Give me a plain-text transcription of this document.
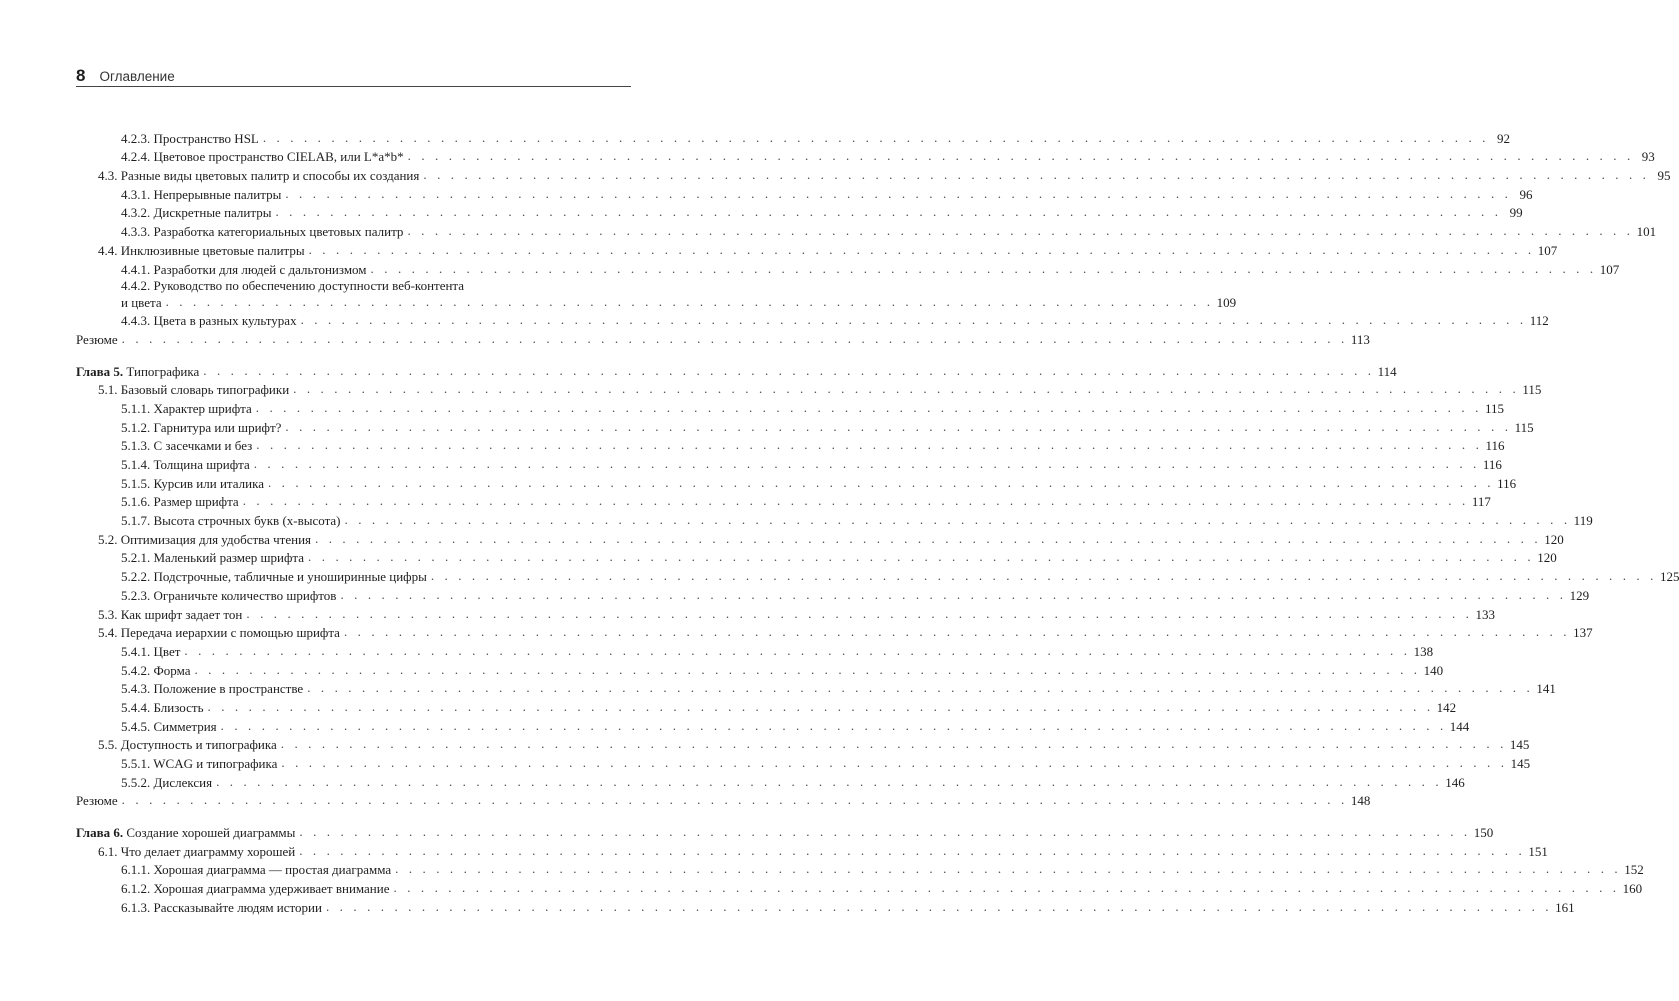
8 Оглавление
4.2.3. Пространство HSL . . . . . . . . . . . . . . . . . . . . . . . . . . . . . . . . . . . . . . . . . . . . . . . . . . . . . . . . . . . . . . . . . . . . . . . . . . . . . . . . . . . . . . . . . . 92
4.2.4. Цветовое пространство CIELAB, или L*a*b* . . . . . . . . . . . . . . . . . . . . . . . . . . . . . . . . . . . . . . . . . . . . . . . . . . . . . . . . . . . . . . . . . . . . . . . . . . . . . . . . . . . . . . . . . . 93
4.3. Разные виды цветовых палитр и способы их создания . . . . . . . . . . . . . . . . . . . . . . . . . . . . . . . . . . . . . . . . . . . . . . . . . . . . . . . . . . . . . . . . . . . . . . . . . . . . . . . . . . . . . . . . . . 95
4.3.1. Непрерывные палитры . . . . . . . . . . . . . . . . . . . . . . . . . . . . . . . . . . . . . . . . . . . . . . . . . . . . . . . . . . . . . . . . . . . . . . . . . . . . . . . . . . . . . . . . . . 96
4.3.2. Дискретные палитры . . . . . . . . . . . . . . . . . . . . . . . . . . . . . . . . . . . . . . . . . . . . . . . . . . . . . . . . . . . . . . . . . . . . . . . . . . . . . . . . . . . . . . . . . . 99
4.3.3. Разработка категориальных цветовых палитр . . . . . . . . . . . . . . . . . . . . . . . . . . . . . . . . . . . . . . . . . . . . . . . . . . . . . . . . . . . . . . . . . . . . . . . . . . . . . . . . . . . . . . . . . . 101
4.4. Инклюзивные цветовые палитры . . . . . . . . . . . . . . . . . . . . . . . . . . . . . . . . . . . . . . . . . . . . . . . . . . . . . . . . . . . . . . . . . . . . . . . . . . . . . . . . . . . . . . . . . . 107
4.4.1. Разработки для людей с дальтонизмом . . . . . . . . . . . . . . . . . . . . . . . . . . . . . . . . . . . . . . . . . . . . . . . . . . . . . . . . . . . . . . . . . . . . . . . . . . . . . . . . . . . . . . . . . . 107
4.4.2. Руководство по обеспечению доступности веб-контента
и цвета . . . . . . . . . . . . . . . . . . . . . . . . . . . . . . . . . . . . . . . . . . . . . . . . . . . . . . . . . . . . . . . . . . . . . . . . . . . . . 109
4.4.3. Цвета в разных культурах . . . . . . . . . . . . . . . . . . . . . . . . . . . . . . . . . . . . . . . . . . . . . . . . . . . . . . . . . . . . . . . . . . . . . . . . . . . . . . . . . . . . . . . . . . 112
Резюме . . . . . . . . . . . . . . . . . . . . . . . . . . . . . . . . . . . . . . . . . . . . . . . . . . . . . . . . . . . . . . . . . . . . . . . . . . . . . . . . . . . . . . . . . . 113
Глава 5. Типографика . . . . . . . . . . . . . . . . . . . . . . . . . . . . . . . . . . . . . . . . . . . . . . . . . . . . . . . . . . . . . . . . . . . . . . . . . . . . . . . . . . . . . . 114
5.1. Базовый словарь типографики . . . . . . . . . . . . . . . . . . . . . . . . . . . . . . . . . . . . . . . . . . . . . . . . . . . . . . . . . . . . . . . . . . . . . . . . . . . . . . . . . . . . . . . . . . 115
5.1.1. Характер шрифта . . . . . . . . . . . . . . . . . . . . . . . . . . . . . . . . . . . . . . . . . . . . . . . . . . . . . . . . . . . . . . . . . . . . . . . . . . . . . . . . . . . . . . . . . . 115
5.1.2. Гарнитура или шрифт? . . . . . . . . . . . . . . . . . . . . . . . . . . . . . . . . . . . . . . . . . . . . . . . . . . . . . . . . . . . . . . . . . . . . . . . . . . . . . . . . . . . . . . . . . . 115
5.1.3. С засечками и без . . . . . . . . . . . . . . . . . . . . . . . . . . . . . . . . . . . . . . . . . . . . . . . . . . . . . . . . . . . . . . . . . . . . . . . . . . . . . . . . . . . . . . . . . . 116
5.1.4. Толщина шрифта . . . . . . . . . . . . . . . . . . . . . . . . . . . . . . . . . . . . . . . . . . . . . . . . . . . . . . . . . . . . . . . . . . . . . . . . . . . . . . . . . . . . . . . . . . 116
5.1.5. Курсив или италика . . . . . . . . . . . . . . . . . . . . . . . . . . . . . . . . . . . . . . . . . . . . . . . . . . . . . . . . . . . . . . . . . . . . . . . . . . . . . . . . . . . . . . . . . . 116
5.1.6. Размер шрифта . . . . . . . . . . . . . . . . . . . . . . . . . . . . . . . . . . . . . . . . . . . . . . . . . . . . . . . . . . . . . . . . . . . . . . . . . . . . . . . . . . . . . . . . . . 117
5.1.7. Высота строчных букв (x-высота) . . . . . . . . . . . . . . . . . . . . . . . . . . . . . . . . . . . . . . . . . . . . . . . . . . . . . . . . . . . . . . . . . . . . . . . . . . . . . . . . . . . . . . . . . . 119
5.2. Оптимизация для удобства чтения . . . . . . . . . . . . . . . . . . . . . . . . . . . . . . . . . . . . . . . . . . . . . . . . . . . . . . . . . . . . . . . . . . . . . . . . . . . . . . . . . . . . . . . . . . 120
5.2.1. Маленький размер шрифта . . . . . . . . . . . . . . . . . . . . . . . . . . . . . . . . . . . . . . . . . . . . . . . . . . . . . . . . . . . . . . . . . . . . . . . . . . . . . . . . . . . . . . . . . . 120
5.2.2. Подстрочные, табличные и уноширинные цифры . . . . . . . . . . . . . . . . . . . . . . . . . . . . . . . . . . . . . . . . . . . . . . . . . . . . . . . . . . . . . . . . . . . . . . . . . . . . . . . . . . . . . . . . . . 125
5.2.3. Ограничьте количество шрифтов . . . . . . . . . . . . . . . . . . . . . . . . . . . . . . . . . . . . . . . . . . . . . . . . . . . . . . . . . . . . . . . . . . . . . . . . . . . . . . . . . . . . . . . . . . 129
5.3. Как шрифт задает тон . . . . . . . . . . . . . . . . . . . . . . . . . . . . . . . . . . . . . . . . . . . . . . . . . . . . . . . . . . . . . . . . . . . . . . . . . . . . . . . . . . . . . . . . . . 133
5.4. Передача иерархии с помощью шрифта . . . . . . . . . . . . . . . . . . . . . . . . . . . . . . . . . . . . . . . . . . . . . . . . . . . . . . . . . . . . . . . . . . . . . . . . . . . . . . . . . . . . . . . . . . 137
5.4.1. Цвет . . . . . . . . . . . . . . . . . . . . . . . . . . . . . . . . . . . . . . . . . . . . . . . . . . . . . . . . . . . . . . . . . . . . . . . . . . . . . . . . . . . . . . . . . . 138
5.4.2. Форма . . . . . . . . . . . . . . . . . . . . . . . . . . . . . . . . . . . . . . . . . . . . . . . . . . . . . . . . . . . . . . . . . . . . . . . . . . . . . . . . . . . . . . . . . . 140
5.4.3. Положение в пространстве . . . . . . . . . . . . . . . . . . . . . . . . . . . . . . . . . . . . . . . . . . . . . . . . . . . . . . . . . . . . . . . . . . . . . . . . . . . . . . . . . . . . . . . . . . 141
5.4.4. Близость . . . . . . . . . . . . . . . . . . . . . . . . . . . . . . . . . . . . . . . . . . . . . . . . . . . . . . . . . . . . . . . . . . . . . . . . . . . . . . . . . . . . . . . . . . 142
5.4.5. Симметрия . . . . . . . . . . . . . . . . . . . . . . . . . . . . . . . . . . . . . . . . . . . . . . . . . . . . . . . . . . . . . . . . . . . . . . . . . . . . . . . . . . . . . . . . . . 144
5.5. Доступность и типографика . . . . . . . . . . . . . . . . . . . . . . . . . . . . . . . . . . . . . . . . . . . . . . . . . . . . . . . . . . . . . . . . . . . . . . . . . . . . . . . . . . . . . . . . . . 145
5.5.1. WCAG и типографика . . . . . . . . . . . . . . . . . . . . . . . . . . . . . . . . . . . . . . . . . . . . . . . . . . . . . . . . . . . . . . . . . . . . . . . . . . . . . . . . . . . . . . . . . . 145
5.5.2. Дислексия . . . . . . . . . . . . . . . . . . . . . . . . . . . . . . . . . . . . . . . . . . . . . . . . . . . . . . . . . . . . . . . . . . . . . . . . . . . . . . . . . . . . . . . . . . 146
Резюме . . . . . . . . . . . . . . . . . . . . . . . . . . . . . . . . . . . . . . . . . . . . . . . . . . . . . . . . . . . . . . . . . . . . . . . . . . . . . . . . . . . . . . . . . . 148
Глава 6. Создание хорошей диаграммы . . . . . . . . . . . . . . . . . . . . . . . . . . . . . . . . . . . . . . . . . . . . . . . . . . . . . . . . . . . . . . . . . . . . . . . . . . . . . . . . . . . . . . 150
6.1. Что делает диаграмму хорошей . . . . . . . . . . . . . . . . . . . . . . . . . . . . . . . . . . . . . . . . . . . . . . . . . . . . . . . . . . . . . . . . . . . . . . . . . . . . . . . . . . . . . . . . . . 151
6.1.1. Хорошая диаграмма — простая диаграмма . . . . . . . . . . . . . . . . . . . . . . . . . . . . . . . . . . . . . . . . . . . . . . . . . . . . . . . . . . . . . . . . . . . . . . . . . . . . . . . . . . . . . . . . . . 152
6.1.2. Хорошая диаграмма удерживает внимание . . . . . . . . . . . . . . . . . . . . . . . . . . . . . . . . . . . . . . . . . . . . . . . . . . . . . . . . . . . . . . . . . . . . . . . . . . . . . . . . . . . . . . . . . . 160
6.1.3. Рассказывайте людям истории . . . . . . . . . . . . . . . . . . . . . . . . . . . . . . . . . . . . . . . . . . . . . . . . . . . . . . . . . . . . . . . . . . . . . . . . . . . . . . . . . . . . . . . . . . 161
